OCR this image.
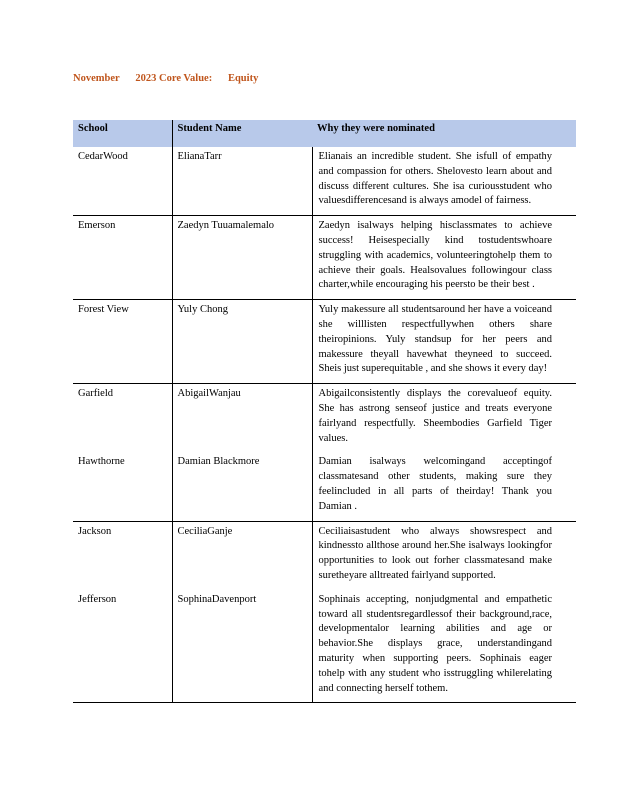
November 2023 Core Value: Equity
School	Student Name	Why they were nominated
CedarWood	ElianaTarr	Elianais an incredible student. She isfull of empathy and compassion for others. Shelovesto learn about and discuss different cultures. She isa curiousstudent who valuesdifferencesand is always amodel of fairness.
Emerson	Zaedyn Tuuamalemalo	Zaedyn isalways helping hisclassmates to achieve success! Heisespecially kind tostudentswhoare struggling with academics, volunteeringtohelp them to achieve their goals. Healsovalues followingour class charter,while encouraging his peersto be their best .
Forest View	Yuly Chong	Yuly makessure all studentsaround her have a voiceand she willlisten respectfullywhen others share theiropinions. Yuly standsup for her peers and makessure theyall havewhat theyneed to succeed. Sheis just superequitable , and she shows it every day!
Garfield	AbigailWanjau	Abigailconsistently displays the corevalueof equity. She has astrong senseof justice and treats everyone fairlyand respectfully. Sheembodies Garfield Tiger values.
Hawthorne	Damian Blackmore	Damian isalways welcomingand acceptingof classmatesand other students, making sure they feelincluded in all parts of theirday! Thank you Damian .
Jackson	CeciliaGanje	Ceciliaisastudent who always showsrespect and kindnessto allthose around her.She isalways lookingfor opportunities to look out forher classmatesand make suretheyare alltreated fairlyand supported.
Jefferson	SophinaDavenport	Sophinais accepting, nonjudgmental and empathetic toward all studentsregardlessof their background,race, developmentalor learning abilities and age or behavior.She displays grace, understandingand maturity when supporting peers. Sophinais eager tohelp with any student who isstruggling whilerelating and connecting herself tothem.
